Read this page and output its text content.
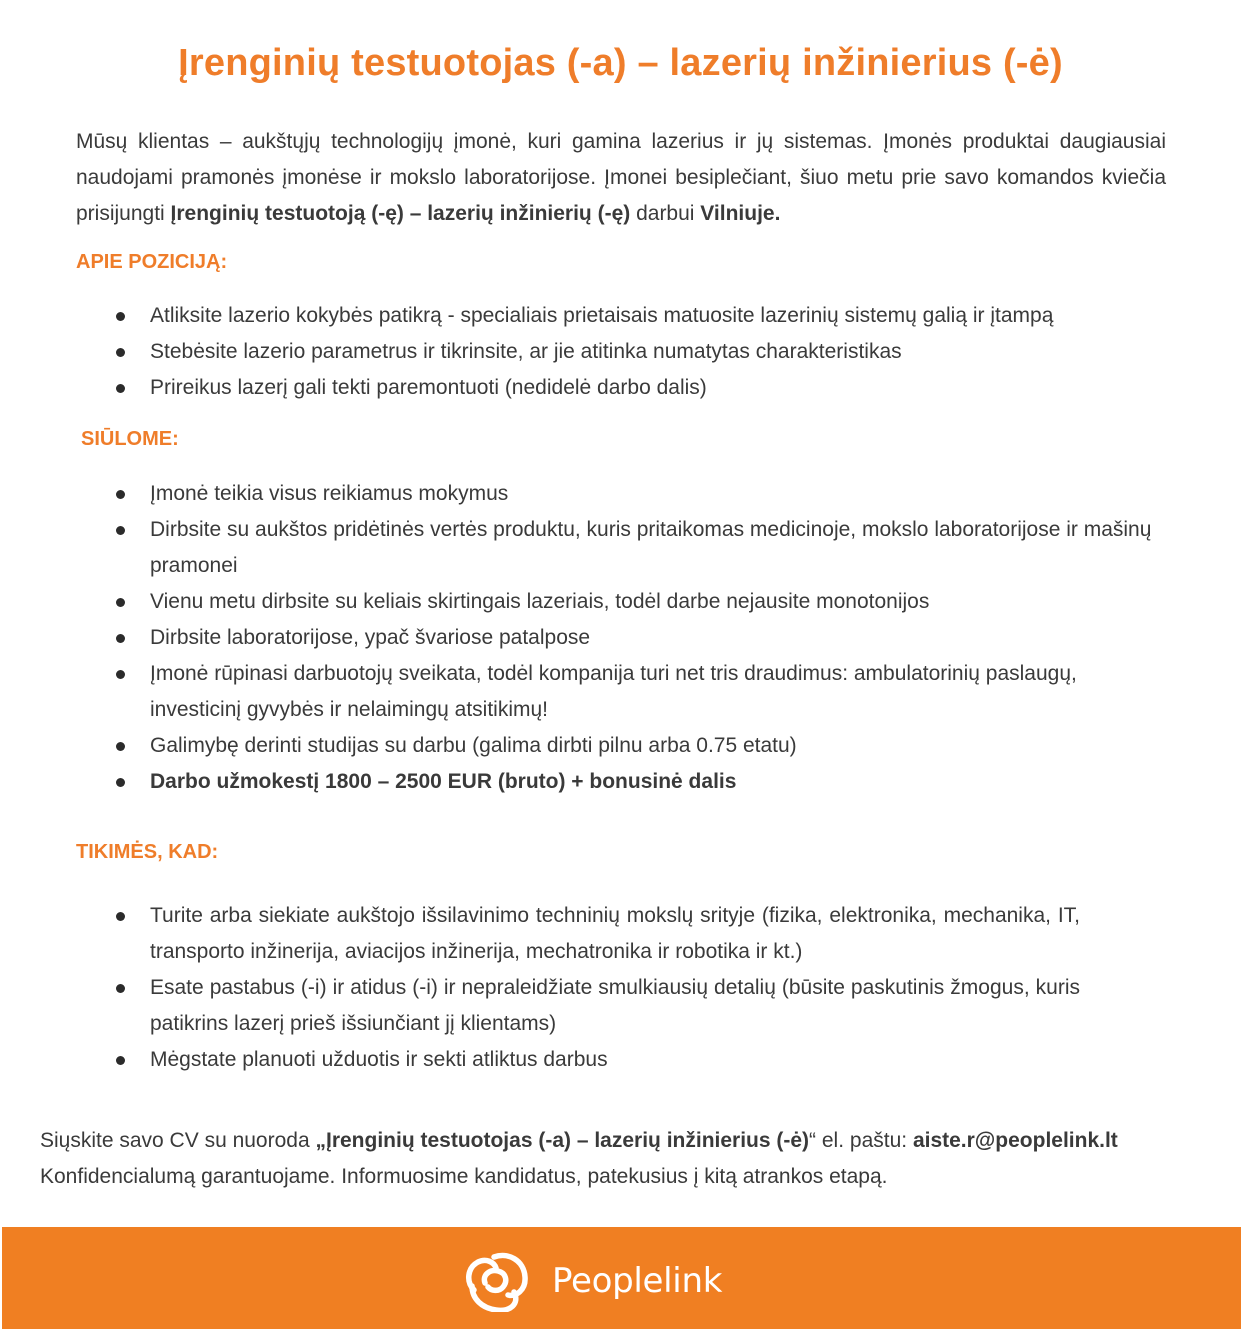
Įrenginių testuotojas (-a) – lazerių inžinierius (-ė)

Mūsų klientas – aukštųjų technologijų įmonė, kuri gamina lazerius ir jų sistemas. Įmonės produktai daugiausiai naudojami pramonės įmonėse ir mokslo laboratorijose. Įmonei besiplečiant, šiuo metu prie savo komandos kviečia prisijungti Įrenginių testuotoją (-ę) – lazerių inžinierių (-ę) darbui Vilniuje.

APIE POZICIJĄ:
Atliksite lazerio kokybės patikrą - specialiais prietaisais matuosite lazerinių sistemų galią ir įtampą
Stebėsite lazerio parametrus ir tikrinsite, ar jie atitinka numatytas charakteristikas
Prireikus lazerį gali tekti paremontuoti (nedidelė darbo dalis)
SIŪLOME:
Įmonė teikia visus reikiamus mokymus
Dirbsite su aukštos pridėtinės vertės produktu, kuris pritaikomas medicinoje, mokslo laboratorijose ir mašinų pramonei
Vienu metu dirbsite su keliais skirtingais lazeriais, todėl darbe nejausite monotonijos
Dirbsite laboratorijose, ypač švariose patalpose
Įmonė rūpinasi darbuotojų sveikata, todėl kompanija turi net tris draudimus: ambulatorinių paslaugų, investicinį gyvybės ir nelaimingų atsitikimų!
Galimybę derinti studijas su darbu (galima dirbti pilnu arba 0.75 etatu)
Darbo užmokestį 1800 – 2500 EUR (bruto) + bonusinė dalis
TIKIMĖS, KAD:
Turite arba siekiate aukštojo išsilavinimo techninių mokslų srityje (fizika, elektronika, mechanika, IT, transporto inžinerija, aviacijos inžinerija, mechatronika ir robotika ir kt.)
Esate pastabus (-i) ir atidus (-i) ir nepraleidžiate smulkiausių detalių (būsite paskutinis žmogus, kuris patikrins lazerį prieš išsiunčiant jį klientams)
Mėgstate planuoti užduotis ir sekti atliktus darbus

Siųskite savo CV su nuoroda „Įrenginių testuotojas (-a) – lazerių inžinierius (-ė)“ el. paštu: aiste.r@peoplelink.lt
Konfidencialumą garantuojame. Informuosime kandidatus, patekusius į kitą atrankos etapą.

Peoplelink
